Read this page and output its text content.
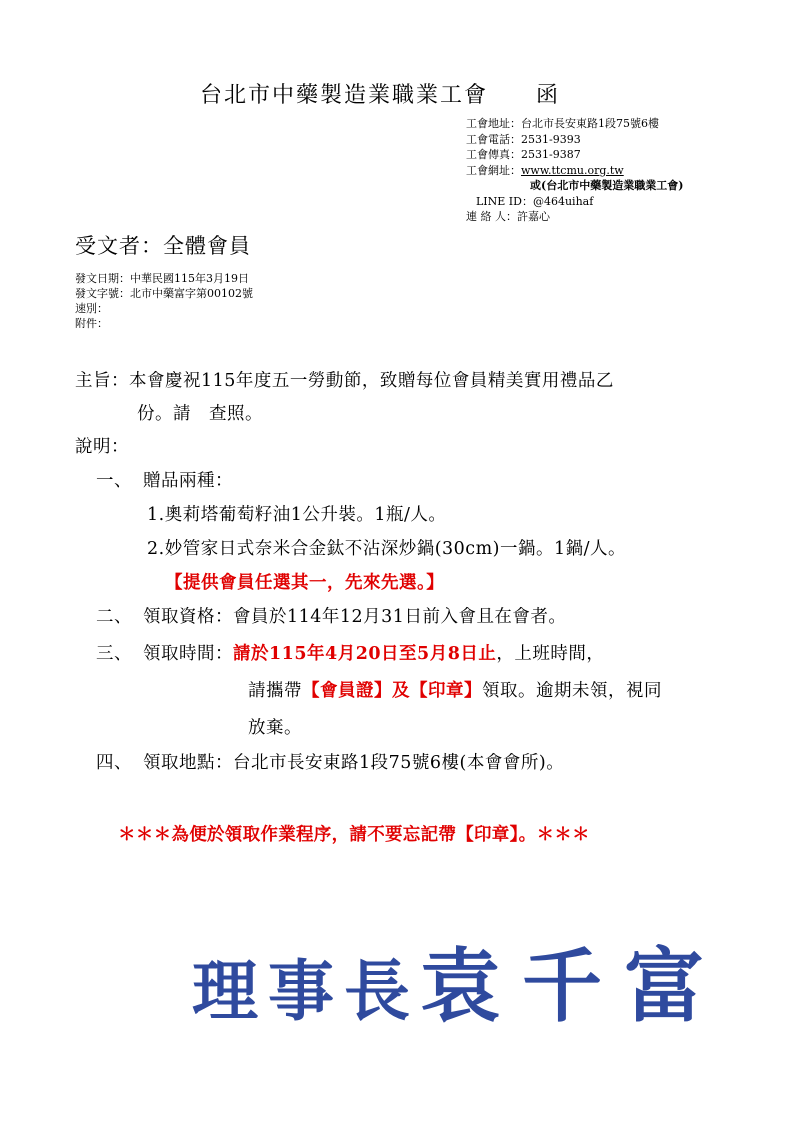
台北市中藥製造業職業工會 函
工會地址：台北市長安東路1段75號6樓
工會電話：2531-9393
工會傳真：2531-9387
工會網址：www.ttcmu.org.tw
或(台北市中藥製造業職業工會)
LINE ID：@464uihaf
連 絡 人：許嘉心
受文者：全體會員
發文日期：中華民國115年3月19日
發文字號：北市中藥富字第00102號
速別：
附件：
主旨：本會慶祝115年度五一勞動節，致贈每位會員精美實用禮品乙
份。請　查照。
說明：
一、 贈品兩種：
1.奧莉塔葡萄籽油1公升裝。1瓶/人。
2.妙管家日式奈米合金鈦不沾深炒鍋(30cm)一鍋。1鍋/人。
【提供會員任選其一，先來先選。】
二、 領取資格：會員於114年12月31日前入會且在會者。
三、 領取時間：請於115年4月20日至5月8日止，上班時間，
請攜帶【會員證】及【印章】領取。逾期未領，視同
放棄。
四、 領取地點：台北市長安東路1段75號6樓(本會會所)。
＊＊＊為便於領取作業程序，請不要忘記帶【印章】。＊＊＊
理事長袁千富
